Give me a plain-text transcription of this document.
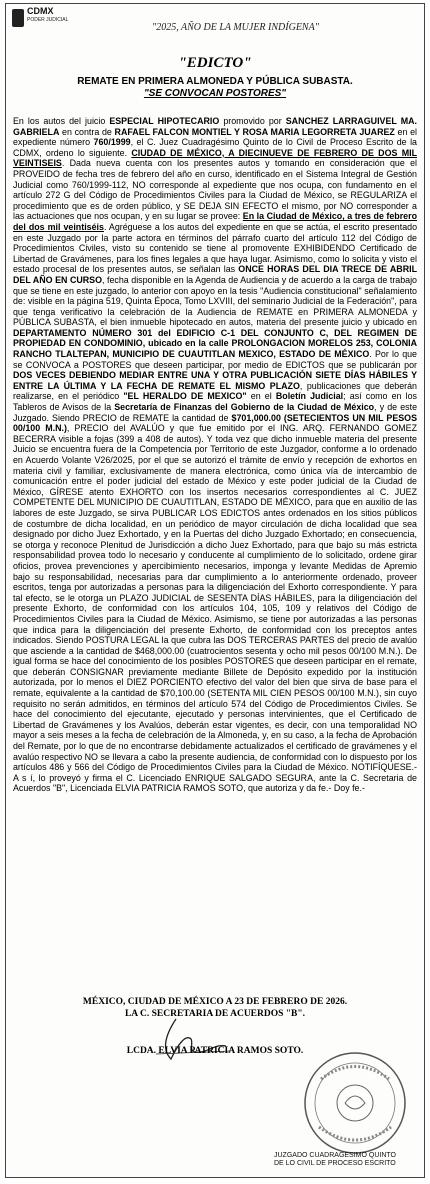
CDMX
PODER JUDICIAL
"2025, AÑO DE LA MUJER INDÍGENA"
"EDICTO"
REMATE EN PRIMERA ALMONEDA Y PÚBLICA SUBASTA.
"SE CONVOCAN POSTORES"
En los autos del juicio ESPECIAL HIPOTECARIO promovido por SANCHEZ LARRAGUIVEL MA. GABRIELA en contra de RAFAEL FALCON MONTIEL Y ROSA MARIA LEGORRETA JUAREZ en el expediente número 760/1999, el C. Juez Cuadragésimo Quinto de lo Civil de Proceso Escrito de la CDMX, ordeno lo siguiente. CIUDAD DE MÉXICO, A DIECINUEVE DE FEBRERO DE DOS MIL VEINTISEIS. Dada nueva cuenta con los presentes autos y tomando en consideración que el PROVEIDO de fecha tres de febrero del año en curso, identificado en el Sistema Integral de Gestión Judicial como 760/1999-112, NO corresponde al expediente que nos ocupa, con fundamento en el artículo 272 G del Código de Procedimientos Civiles para la Ciudad de México, se REGULARIZA el procedimiento que es de orden público, y SE DEJA SIN EFECTO el mismo, por NO corresponder a las actuaciones que nos ocupan, y en su lugar se provee: En la Ciudad de México, a tres de febrero del dos mil veintiséis. Agréguese a los autos del expediente en que se actúa, el escrito presentado en este Juzgado por la parte actora en términos del párrafo cuarto del artículo 112 del Código de Procedimientos Civiles, visto su contenido se tiene al promovente EXHIBIDENDO Certificado de Libertad de Gravámenes, para los fines legales a que haya lugar. Asimismo, como lo solicita y visto el estado procesal de los presentes autos, se señalan las ONCE HORAS DEL DIA TRECE DE ABRIL DEL AÑO EN CURSO, fecha disponible en la Agenda de Audiencia y de acuerdo a la carga de trabajo que se tiene en este juzgado, lo anterior con apoyo en la tesis "Audiencia constitucional" señalamiento de: visible en la página 519, Quinta Época, Tomo LXVIII, del seminario Judicial de la Federación", para que tenga verificativo la celebración de la Audiencia de REMATE en PRIMERA ALMONEDA y PÚBLICA SUBASTA, el bien inmueble hipotecado en autos, materia del presente juicio y ubicado en DEPARTAMENTO NÚMERO 301 del EDIFICIO C-1 DEL CONJUNTO C, DEL REGIMEN DE PROPIEDAD EN CONDOMINIO, ubicado en la calle PROLONGACION MORELOS 253, COLONIA RANCHO TLALTEPAN, MUNICIPIO DE CUAUTITLAN MEXICO, ESTADO DE MÉXICO. Por lo que se CONVOCA a POSTORES que deseen participar, por medio de EDICTOS que se publicarán por DOS VECES DEBIENDO MEDIAR ENTRE UNA Y OTRA PUBLICACIÓN SIETE DÍAS HÁBILES Y ENTRE LA ÚLTIMA Y LA FECHA DE REMATE EL MISMO PLAZO, publicaciones que deberán realizarse, en el periódico "EL HERALDO DE MEXICO" en el Boletín Judicial; así como en los Tableros de Avisos de la Secretaría de Finanzas del Gobierno de la Ciudad de México, y de este Juzgado. Siendo PRECIO de REMATE la cantidad de $701,000.00 (SETECIENTOS UN MIL PESOS 00/100 M.N.), PRECIO del AVALÚO y que fue emitido por el ING. ARQ. FERNANDO GOMEZ BECERRA visible a fojas (399 a 408 de autos). Y toda vez que dicho inmueble materia del presente Juicio se encuentra fuera de la Competencia por Territorio de este Juzgador, conforme a lo ordenado en Acuerdo Volante V26/2025, por el que se autorizó el trámite de envío y recepción de exhortos en materia civil y familiar, exclusivamente de manera electrónica, como única vía de intercambio de comunicación entre el poder judicial del estado de México y este poder judicial de la Ciudad de México, GÍRESE atento EXHORTO con los insertos necesarios correspondientes al C. JUEZ COMPETENTE DEL MUNICIPIO DE CUAUTITLAN, ESTADO DE MÉXICO, para que en auxilio de las labores de este Juzgado, se sirva PUBLICAR LOS EDICTOS antes ordenados en los sitios públicos de costumbre de dicha localidad, en un periódico de mayor circulación de dicha localidad que sea designado por dicho Juez Exhortado, y en la Puertas del dicho Juzgado Exhortado; en consecuencia, se otorga y reconoce Plenitud de Jurisdicción a dicho Juez Exhortado, para que bajo su más estricta responsabilidad provea todo lo necesario y conducente al cumplimiento de lo solicitado, ordene girar oficios, provea prevenciones y apercibimiento necesarios, imponga y levante Medidas de Apremio bajo su responsabilidad, necesarias para dar cumplimiento a lo anteriormente ordenado, proveer escritos, tenga por autorizadas a personas para la diligenciación del Exhorto correspondiente. Y para tal efecto, se le otorga un PLAZO JUDICIAL de SESENTA DÍAS HÁBILES, para la diligenciación del presente Exhorto, de conformidad con los artículos 104, 105, 109 y relativos del Código de Procedimientos Civiles para la Ciudad de México. Asimismo, se tiene por autorizadas a las personas que indica para la diligenciación del presente Exhorto, de conformidad con los preceptos antes indicados. Siendo POSTURA LEGAL la que cubra las DOS TERCERAS PARTES del precio de avalúo que asciende a la cantidad de $468,000.00 (cuatrocientos sesenta y ocho mil pesos 00/100 M.N.). De igual forma se hace del conocimiento de los posibles POSTORES que deseen participar en el remate, que deberán CONSIGNAR previamente mediante Billete de Depósito expedido por la institución autorizada, por lo menos el DIEZ PORCIENTO efectivo del valor del bien que sirva de base para el remate, equivalente a la cantidad de $70,100.00 (SETENTA MIL CIEN PESOS 00/100 M.N.), sin cuyo requisito no serán admitidos, en términos del artículo 574 del Código de Procedimientos Civiles. Se hace del conocimiento del ejecutante, ejecutado y personas intervinientes, que el Certificado de Libertad de Gravámenes y los Avalúos, deberán estar vigentes, es decir, con una temporalidad NO mayor a seis meses a la fecha de celebración de la Almoneda, y, en su caso, a la fecha de Aprobación del Remate, por lo que de no encontrarse debidamente actualizados el certificado de gravámenes y el avalúo respectivo NO se llevara a cabo la presente audiencia, de conformidad con lo dispuesto por los artículos 486 y 566 del Código de Procedimientos Civiles para la Ciudad de México. NOTIFÍQUESE.- A s í, lo proveyó y firma el C. Licenciado ENRIQUE SALGADO SEGURA, ante la C. Secretaria de Acuerdos "B", Licenciada ELVIA PATRICIA RAMOS SOTO, que autoriza y da fe.- Doy fe.-
MÉXICO, CIUDAD DE MÉXICO A 23 DE FEBRERO DE 2026.
LA C. SECRETARIA DE ACUERDOS "B".
LCDA. ELVIA PATRICIA RAMOS SOTO.
JUZGADO CUADRAGESIMO QUINTO
DE LO CIVIL DE PROCESO ESCRITO
